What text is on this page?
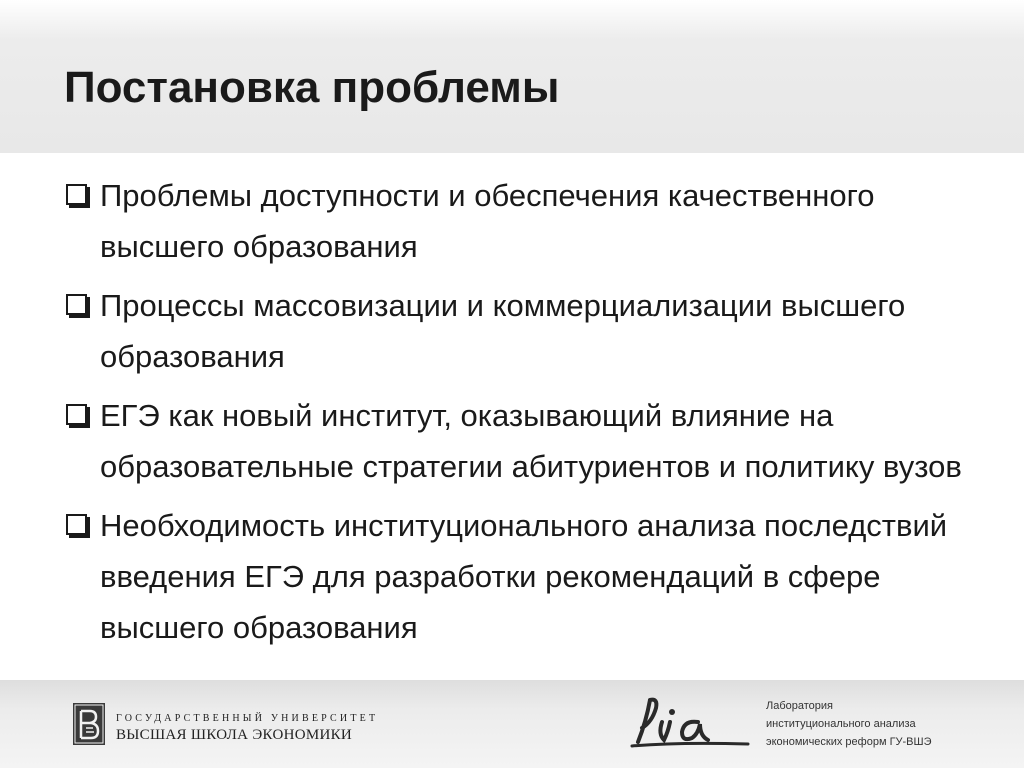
Постановка проблемы
Проблемы доступности и обеспечения качественного высшего образования
Процессы массовизации и коммерциализации высшего образования
ЕГЭ как новый институт, оказывающий влияние на образовательные стратегии абитуриентов и политику вузов
Необходимость институционального анализа последствий введения ЕГЭ для разработки рекомендаций в сфере высшего образования
ГОСУДАРСТВЕННЫЙ УНИВЕРСИТЕТ
ВЫСШАЯ ШКОЛА ЭКОНОМИКИ
Лаборатория
институционального анализа
экономических реформ ГУ-ВШЭ
